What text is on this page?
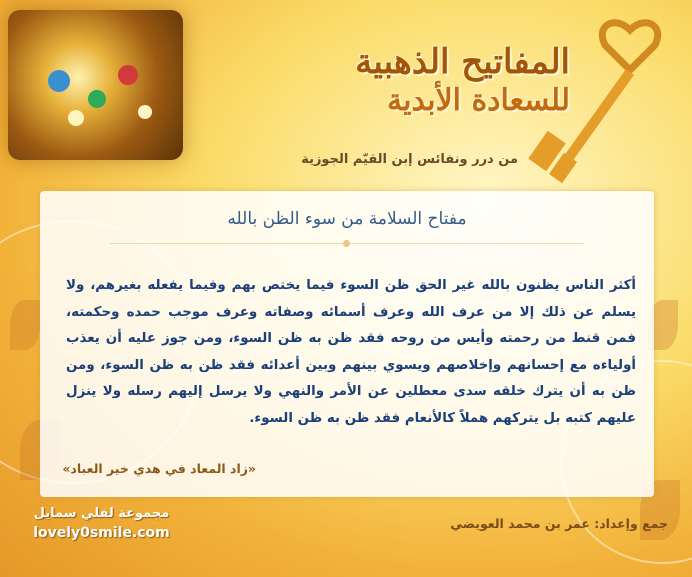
المفاتيح الذهبية
للسعادة الأبدية
من درر ونفائس إبن القيّم الجوزية
مفتاح السلامة من سوء الظن بالله
أكثر الناس يظنون بالله غير الحق ظن السوء فيما يختص بهم وفيما يفعله بغيرهم، ولا يسلم عن ذلك إلا من عرف الله وعرف أسمائه وصفاته وعرف موجب حمده وحكمته، فمن قنط من رحمته وأيس من روحه فقد ظن به ظن السوء، ومن جوز عليه أن يعذب أولياءه مع إحسانهم وإخلاصهم ويسوي بينهم وبين أعدائه فقد ظن به ظن السوء، ومن ظن به أن يترك خلقه سدى معطلين عن الأمر والنهي ولا يرسل إليهم رسله ولا ينزل عليهم كتبه بل يتركهم هملاً كالأنعام فقد ظن به ظن السوء.
«زاد المعاد في هدي خير العباد»
جمع وإعداد: عمر بن محمد العويضي
مجموعة لفلي سمايل
lovely0smile.com
